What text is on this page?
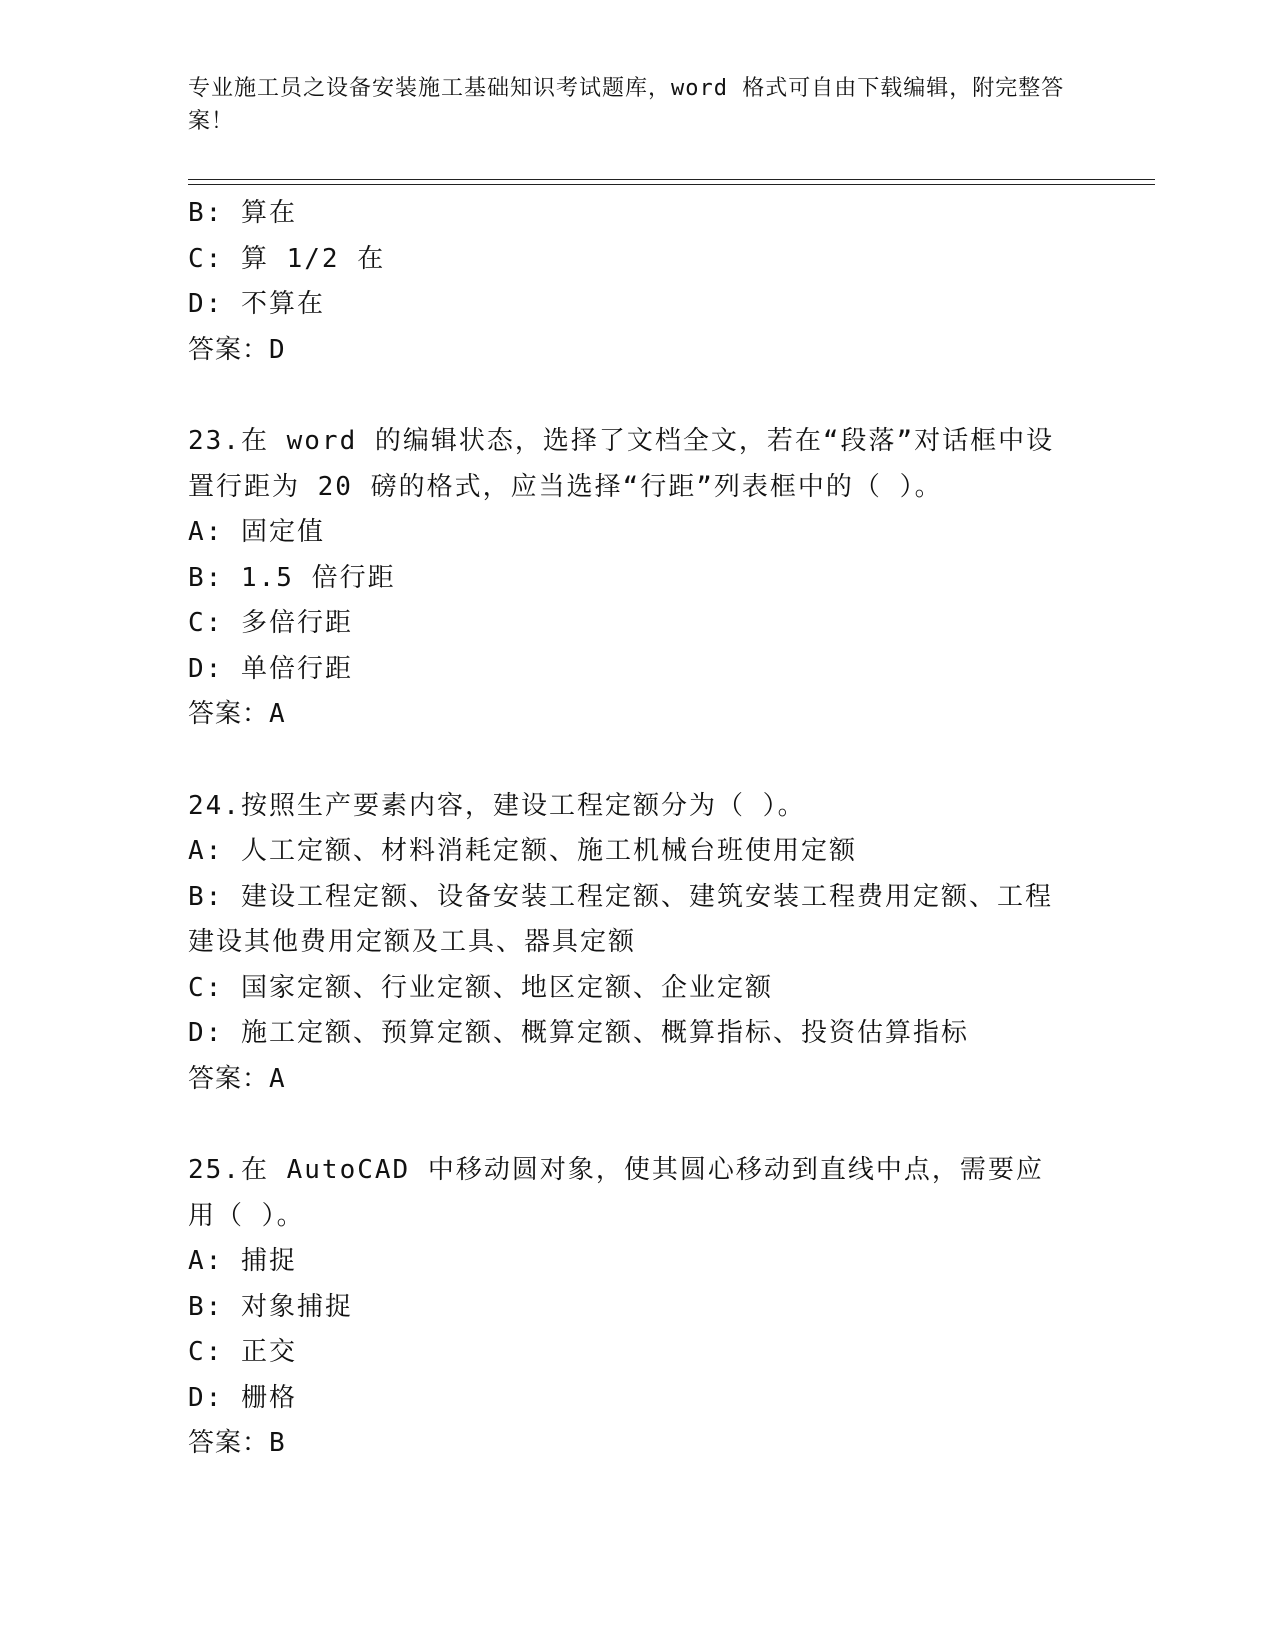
专业施工员之设备安装施工基础知识考试题库，word 格式可自由下载编辑，附完整答案！
B: 算在
C: 算 1/2 在
D: 不算在
答案：D
23.在 word 的编辑状态，选择了文档全文，若在“段落”对话框中设置行距为 20 磅的格式，应当选择“行距”列表框中的（ ）。
A: 固定值
B: 1.5 倍行距
C: 多倍行距
D: 单倍行距
答案：A
24.按照生产要素内容，建设工程定额分为（ ）。
A: 人工定额、材料消耗定额、施工机械台班使用定额
B: 建设工程定额、设备安装工程定额、建筑安装工程费用定额、工程建设其他费用定额及工具、器具定额
C: 国家定额、行业定额、地区定额、企业定额
D: 施工定额、预算定额、概算定额、概算指标、投资估算指标
答案：A
25.在 AutoCAD 中移动圆对象，使其圆心移动到直线中点，需要应用（ ）。
A: 捕捉
B: 对象捕捉
C: 正交
D: 栅格
答案：B
